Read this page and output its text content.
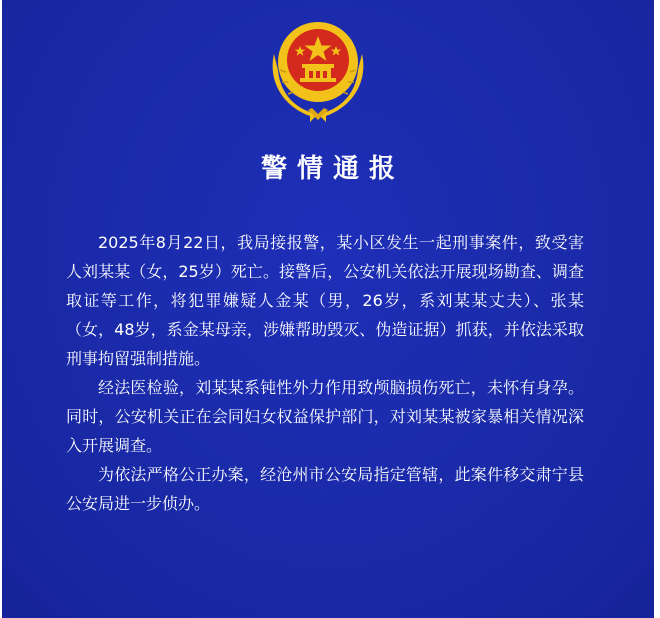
警情通报

2025年8月22日，我局接报警，某小区发生一起刑事案件，致受害人刘某某（女，25岁）死亡。接警后，公安机关依法开展现场勘查、调查取证等工作，将犯罪嫌疑人金某（男，26岁，系刘某某丈夫）、张某（女，48岁，系金某母亲，涉嫌帮助毁灭、伪造证据）抓获，并依法采取刑事拘留强制措施。

经法医检验，刘某某系钝性外力作用致颅脑损伤死亡，未怀有身孕。同时，公安机关正在会同妇女权益保护部门，对刘某某被家暴相关情况深入开展调查。

为依法严格公正办案，经沧州市公安局指定管辖，此案件移交肃宁县公安局进一步侦办。
